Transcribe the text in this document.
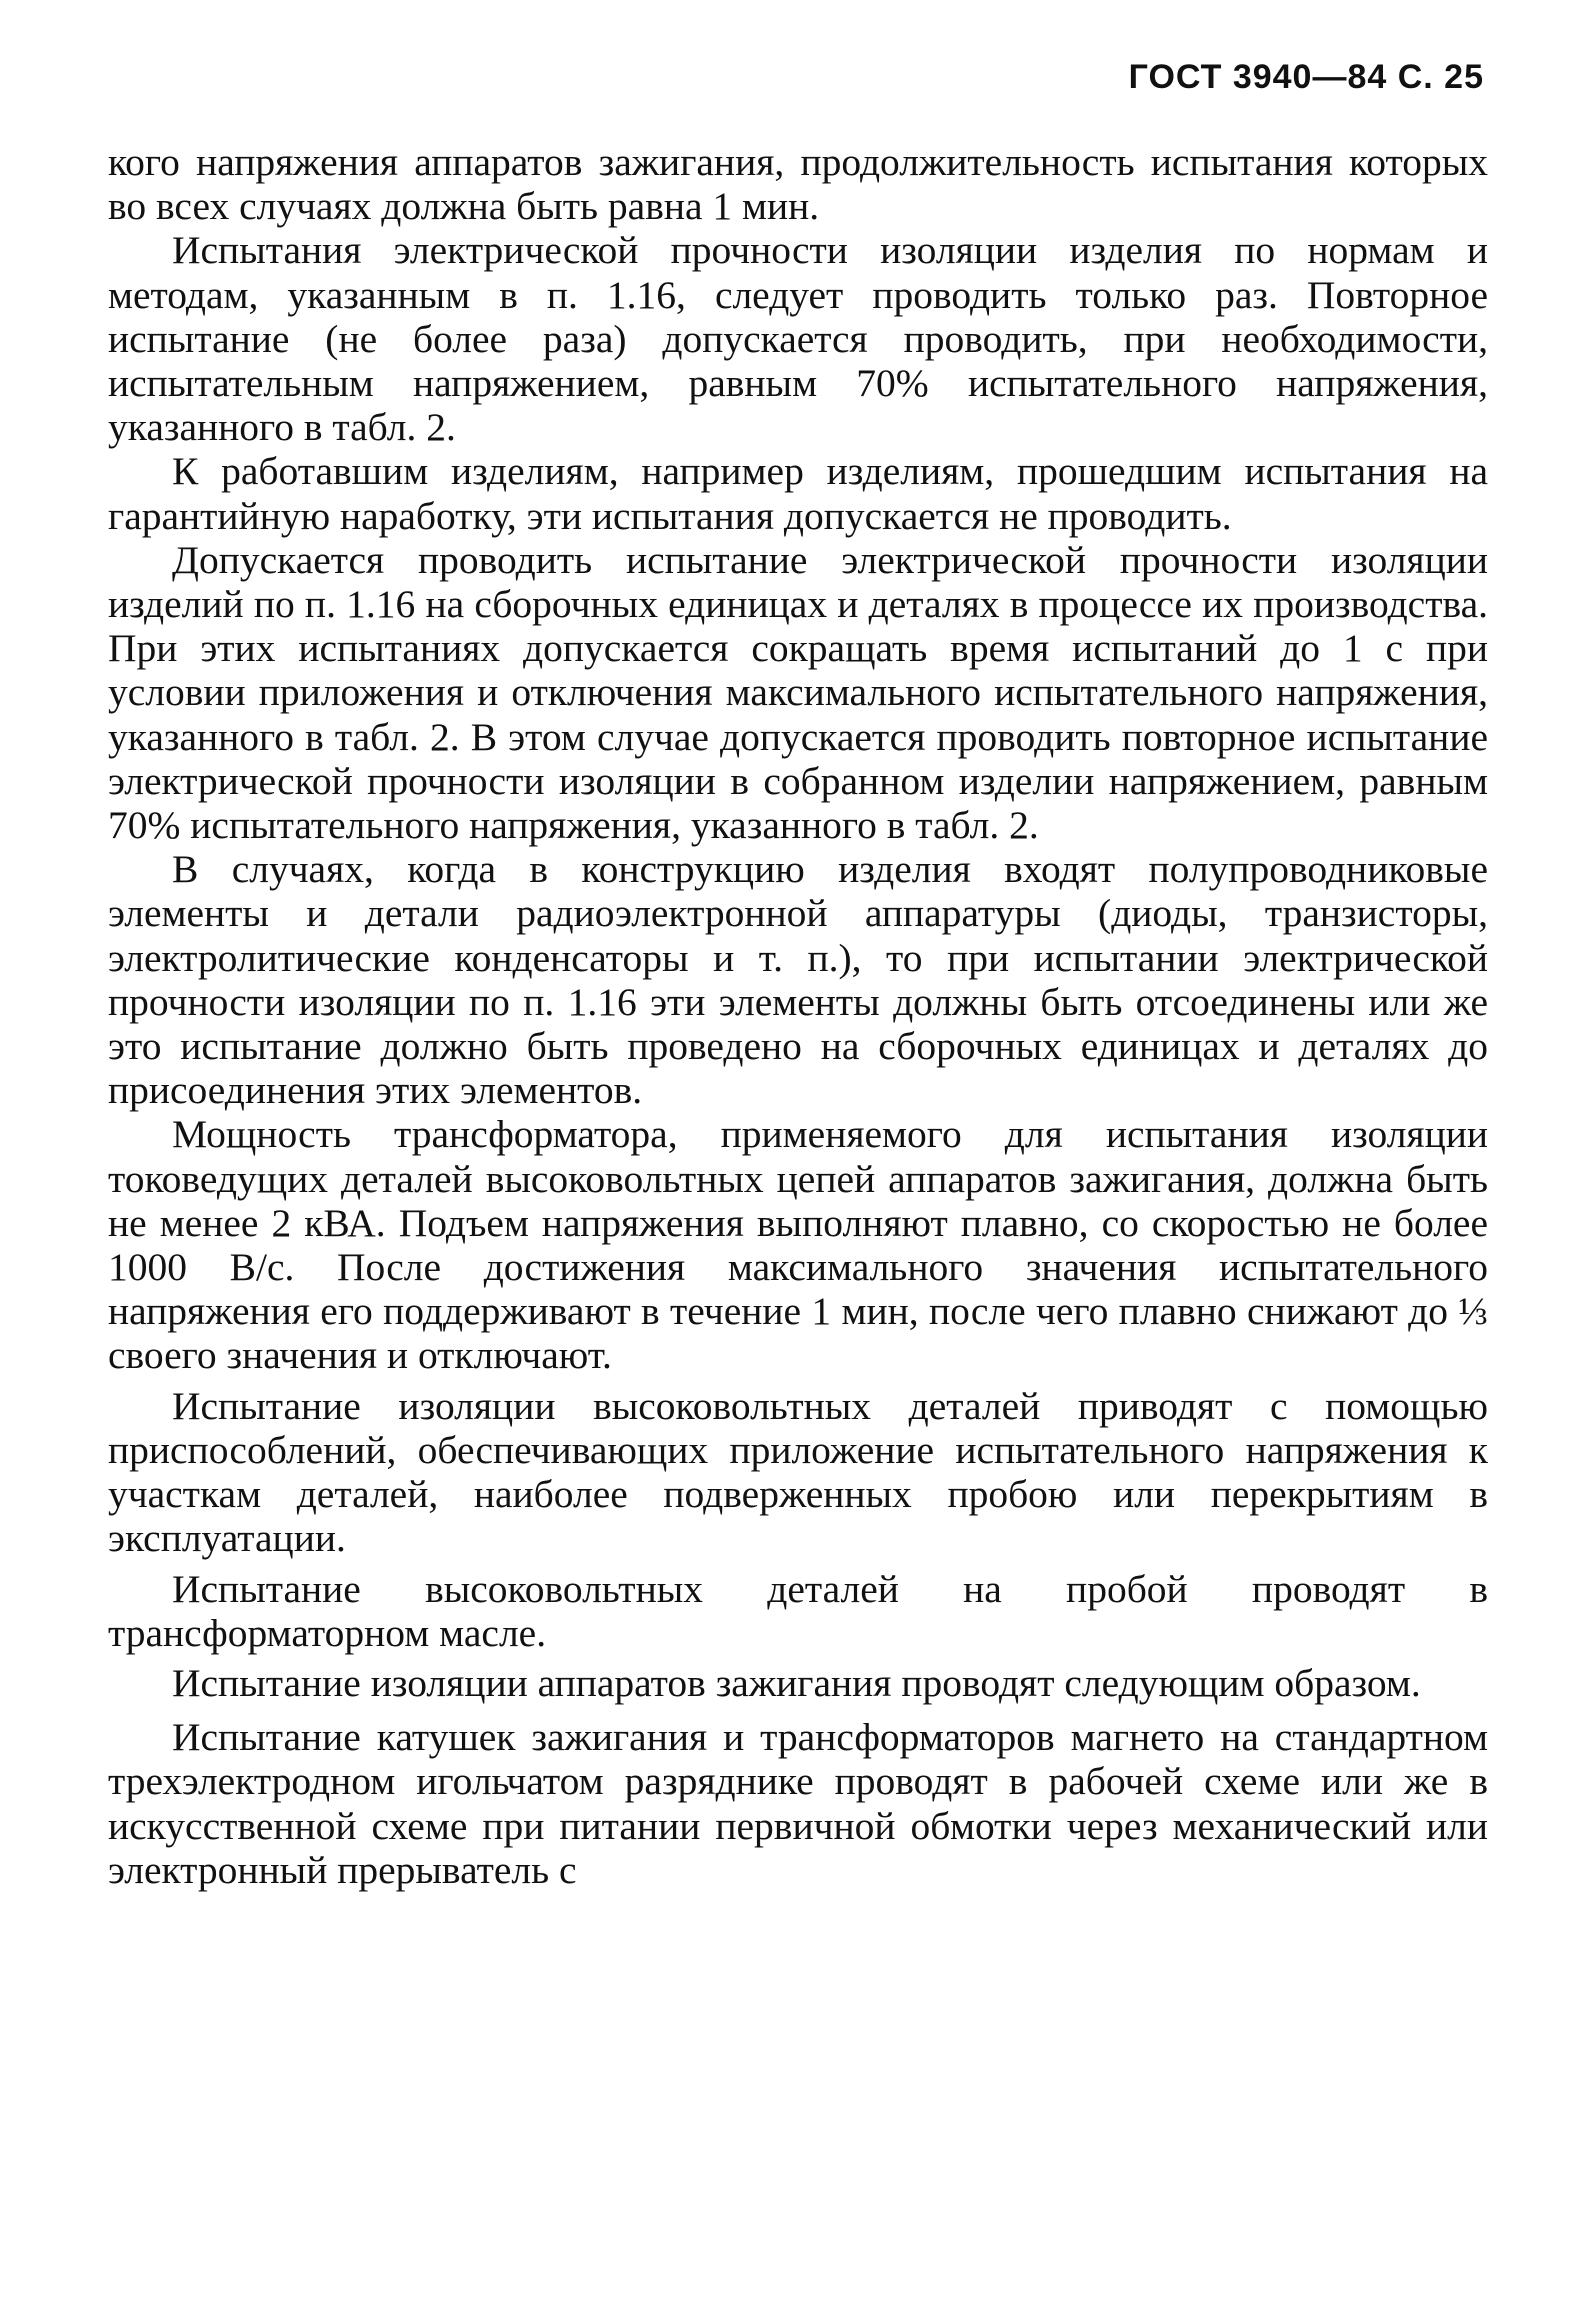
ГОСТ 3940—84 С. 25

кого напряжения аппаратов зажигания, продолжительность испытания которых во всех случаях должна быть равна 1 мин.

Испытания электрической прочности изоляции изделия по нормам и методам, указанным в п. 1.16, следует проводить только раз. Повторное испытание (не более раза) допускается проводить, при необходимости, испытательным напряжением, равным 70% испытательного напряжения, указанного в табл. 2.

К работавшим изделиям, например изделиям, прошедшим испытания на гарантийную наработку, эти испытания допускается не проводить.

Допускается проводить испытание электрической прочности изоляции изделий по п. 1.16 на сборочных единицах и деталях в процессе их производства. При этих испытаниях допускается сокращать время испытаний до 1 с при условии приложения и отключения максимального испытательного напряжения, указанного в табл. 2. В этом случае допускается проводить повторное испытание электрической прочности изоляции в собранном изделии напряжением, равным 70% испытательного напряжения, указанного в табл. 2.

В случаях, когда в конструкцию изделия входят полупроводниковые элементы и детали радиоэлектронной аппаратуры (диоды, транзисторы, электролитические конденсаторы и т. п.), то при испытании электрической прочности изоляции по п. 1.16 эти элементы должны быть отсоединены или же это испытание должно быть проведено на сборочных единицах и деталях до присоединения этих элементов.

Мощность трансформатора, применяемого для испытания изоляции токоведущих деталей высоковольтных цепей аппаратов зажигания, должна быть не менее 2 кВА. Подъем напряжения выполняют плавно, со скоростью не более 1000 В/с. После достижения максимального значения испытательного напряжения его поддерживают в течение 1 мин, после чего плавно снижают до ⅓ своего значения и отключают.

Испытание изоляции высоковольтных деталей приводят с помощью приспособлений, обеспечивающих приложение испытательного напряжения к участкам деталей, наиболее подверженных пробою или перекрытиям в эксплуатации.

Испытание высоковольтных деталей на пробой проводят в трансформаторном масле.

Испытание изоляции аппаратов зажигания проводят следующим образом.

Испытание катушек зажигания и трансформаторов магнето на стандартном трехэлектродном игольчатом разряднике проводят в рабочей схеме или же в искусственной схеме при питании первичной обмотки через механический или электронный прерыватель с
